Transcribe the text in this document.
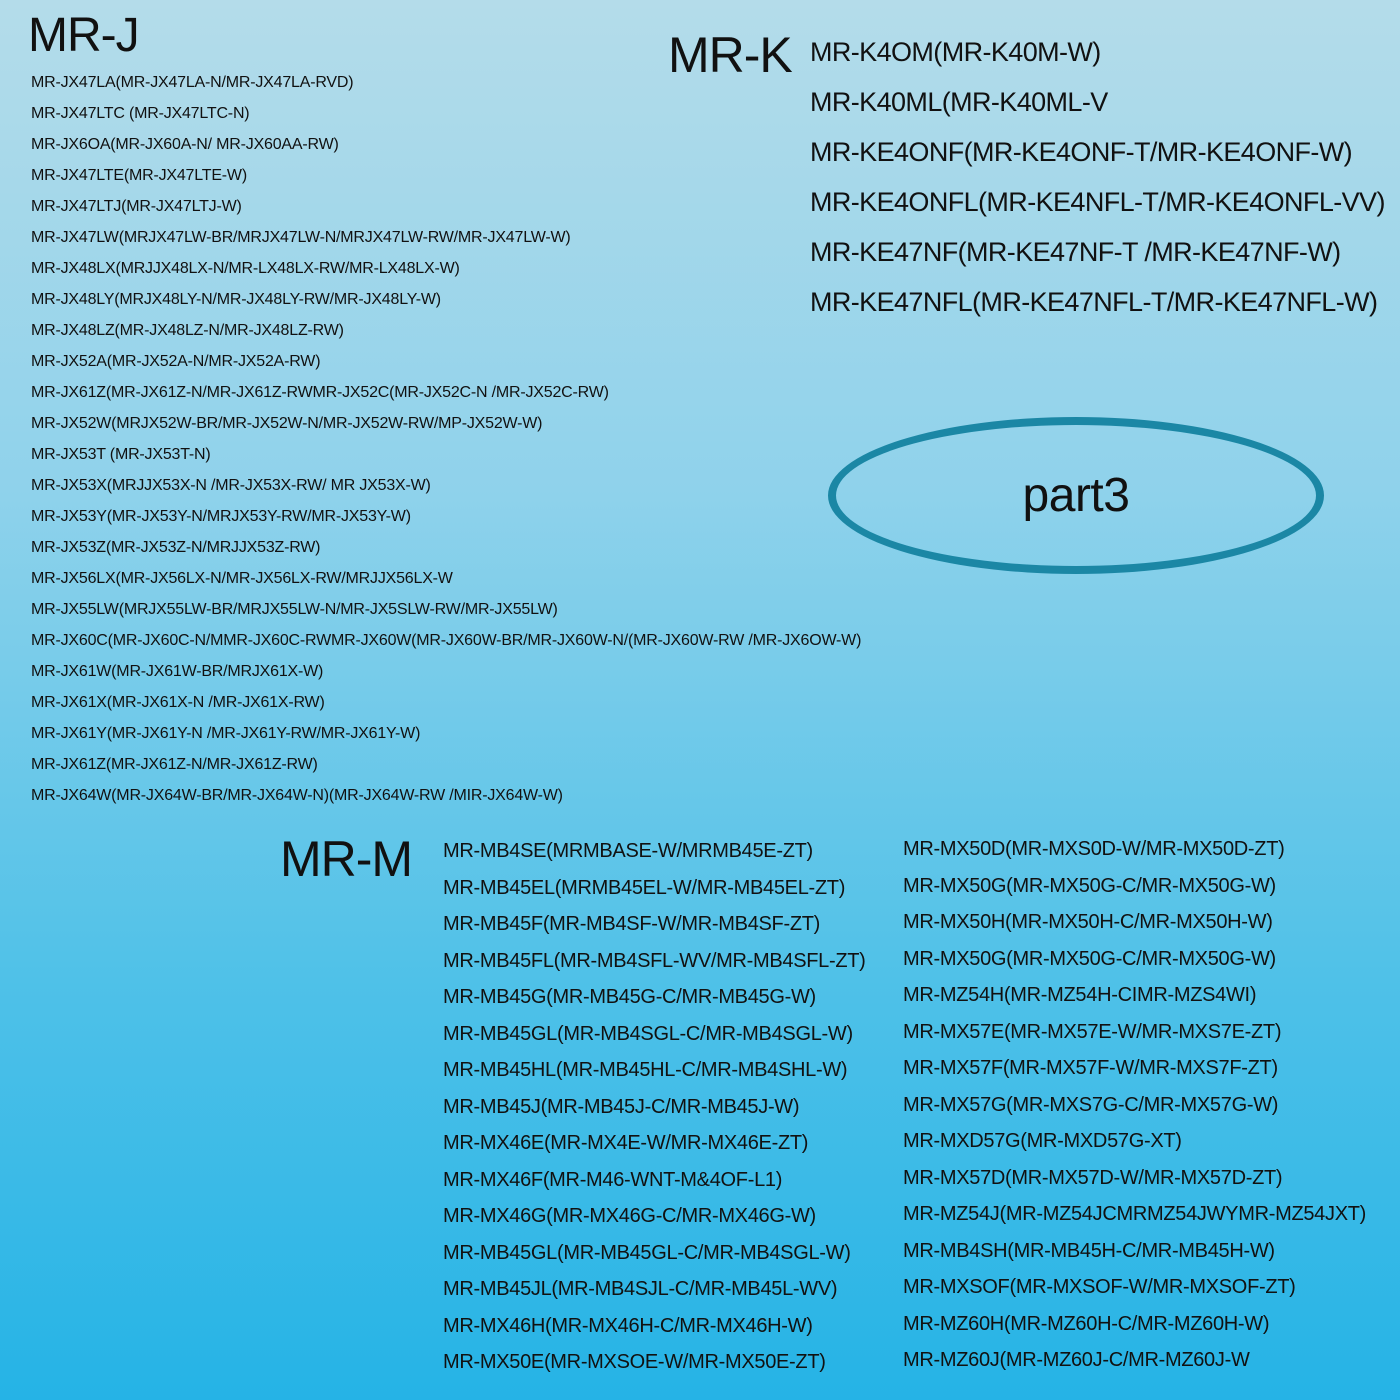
MR-J
MR-JX47LA(MR-JX47LA-N/MR-JX47LA-RVD)
MR-JX47LTC (MR-JX47LTC-N)
MR-JX6OA(MR-JX60A-N/ MR-JX60AA-RW)
MR-JX47LTE(MR-JX47LTE-W)
MR-JX47LTJ(MR-JX47LTJ-W)
MR-JX47LW(MRJX47LW-BR/MRJX47LW-N/MRJX47LW-RW/MR-JX47LW-W)
MR-JX48LX(MRJJX48LX-N/MR-LX48LX-RW/MR-LX48LX-W)
MR-JX48LY(MRJX48LY-N/MR-JX48LY-RW/MR-JX48LY-W)
MR-JX48LZ(MR-JX48LZ-N/MR-JX48LZ-RW)
MR-JX52A(MR-JX52A-N/MR-JX52A-RW)
MR-JX61Z(MR-JX61Z-N/MR-JX61Z-RWMR-JX52C(MR-JX52C-N /MR-JX52C-RW)
MR-JX52W(MRJX52W-BR/MR-JX52W-N/MR-JX52W-RW/MP-JX52W-W)
MR-JX53T (MR-JX53T-N)
MR-JX53X(MRJJX53X-N /MR-JX53X-RW/ MR JX53X-W)
MR-JX53Y(MR-JX53Y-N/MRJX53Y-RW/MR-JX53Y-W)
MR-JX53Z(MR-JX53Z-N/MRJJX53Z-RW)
MR-JX56LX(MR-JX56LX-N/MR-JX56LX-RW/MRJJX56LX-W
MR-JX55LW(MRJX55LW-BR/MRJX55LW-N/MR-JX5SLW-RW/MR-JX55LW)
MR-JX60C(MR-JX60C-N/MMR-JX60C-RWMR-JX60W(MR-JX60W-BR/MR-JX60W-N/(MR-JX60W-RW /MR-JX6OW-W)
MR-JX61W(MR-JX61W-BR/MRJX61X-W)
MR-JX61X(MR-JX61X-N /MR-JX61X-RW)
MR-JX61Y(MR-JX61Y-N /MR-JX61Y-RW/MR-JX61Y-W)
MR-JX61Z(MR-JX61Z-N/MR-JX61Z-RW)
MR-JX64W(MR-JX64W-BR/MR-JX64W-N)(MR-JX64W-RW /MIR-JX64W-W)
MR-K MR-K4OM(MR-K40M-W)
MR-K40ML(MR-K40ML-V
MR-KE4ONF(MR-KE4ONF-T/MR-KE4ONF-W)
MR-KE4ONFL(MR-KE4NFL-T/MR-KE4ONFL-VV)
MR-KE47NF(MR-KE47NF-T /MR-KE47NF-W)
MR-KE47NFL(MR-KE47NFL-T/MR-KE47NFL-W)
part3
MR-M MR-MB4SE(MRMBASE-W/MRMB45E-ZT)
MR-MB45EL(MRMB45EL-W/MR-MB45EL-ZT)
MR-MB45F(MR-MB4SF-W/MR-MB4SF-ZT)
MR-MB45FL(MR-MB4SFL-WV/MR-MB4SFL-ZT)
MR-MB45G(MR-MB45G-C/MR-MB45G-W)
MR-MB45GL(MR-MB4SGL-C/MR-MB4SGL-W)
MR-MB45HL(MR-MB45HL-C/MR-MB4SHL-W)
MR-MB45J(MR-MB45J-C/MR-MB45J-W)
MR-MX46E(MR-MX4E-W/MR-MX46E-ZT)
MR-MX46F(MR-M46-WNT-M&4OF-L1)
MR-MX46G(MR-MX46G-C/MR-MX46G-W)
MR-MB45GL(MR-MB45GL-C/MR-MB4SGL-W)
MR-MB45JL(MR-MB4SJL-C/MR-MB45L-WV)
MR-MX46H(MR-MX46H-C/MR-MX46H-W)
MR-MX50E(MR-MXSOE-W/MR-MX50E-ZT)
MR-MX50D(MR-MXS0D-W/MR-MX50D-ZT)
MR-MX50G(MR-MX50G-C/MR-MX50G-W)
MR-MX50H(MR-MX50H-C/MR-MX50H-W)
MR-MX50G(MR-MX50G-C/MR-MX50G-W)
MR-MZ54H(MR-MZ54H-CIMR-MZS4WI)
MR-MX57E(MR-MX57E-W/MR-MXS7E-ZT)
MR-MX57F(MR-MX57F-W/MR-MXS7F-ZT)
MR-MX57G(MR-MXS7G-C/MR-MX57G-W)
MR-MXD57G(MR-MXD57G-XT)
MR-MX57D(MR-MX57D-W/MR-MX57D-ZT)
MR-MZ54J(MR-MZ54JCMRMZ54JWYMR-MZ54JXT)
MR-MB4SH(MR-MB45H-C/MR-MB45H-W)
MR-MXSOF(MR-MXSOF-W/MR-MXSOF-ZT)
MR-MZ60H(MR-MZ60H-C/MR-MZ60H-W)
MR-MZ60J(MR-MZ60J-C/MR-MZ60J-W
